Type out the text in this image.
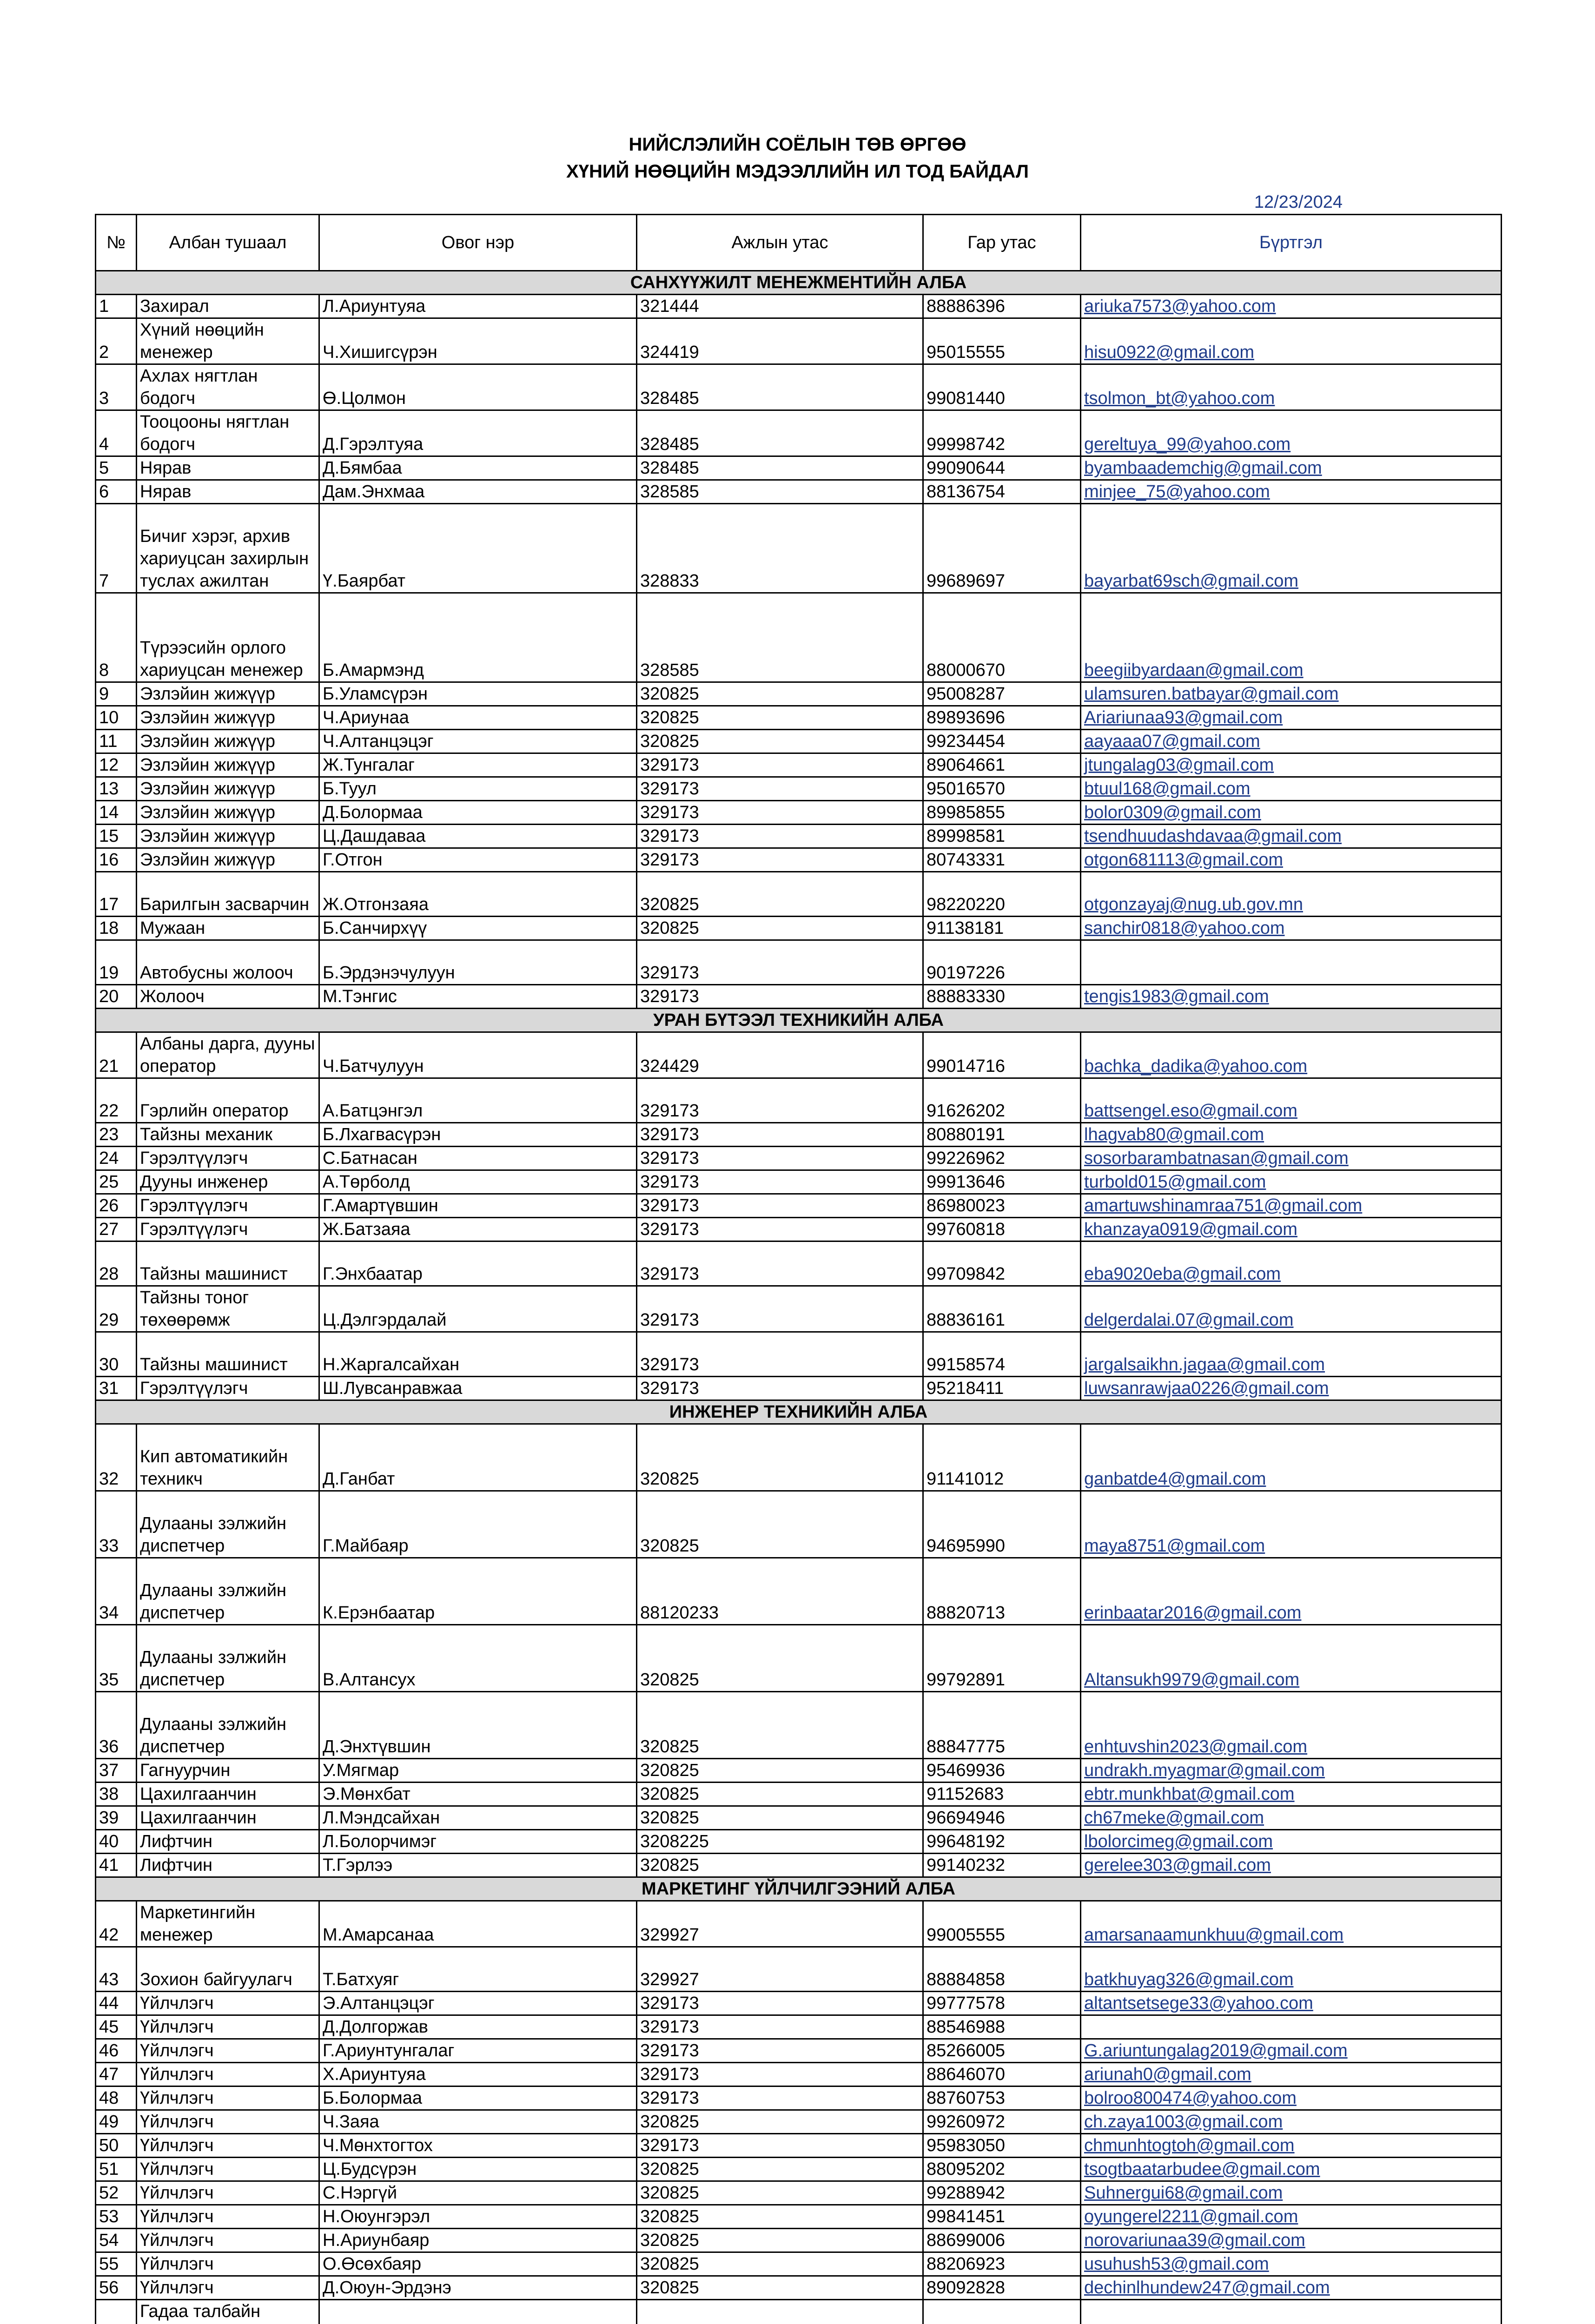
НИЙСЛЭЛИЙН СОЁЛЫН ТӨВ ӨРГӨӨ
ХҮНИЙ НӨӨЦИЙН МЭДЭЭЛЛИЙН ИЛ ТОД БАЙДАЛ
12/23/2024
№	Албан тушаал	Овог нэр	Ажлын утас	Гар утас	Бүртгэл
САНХҮҮЖИЛТ МЕНЕЖМЕНТИЙН АЛБА					
1	Захирал	Л.Ариунтуяа	321444	88886396	ariuka7573@yahoo.com
2	Хүний нөөцийн менежер	Ч.Хишигсүрэн	324419	95015555	hisu0922@gmail.com
3	Ахлах нягтлан бодогч	Ө.Цолмон	328485	99081440	tsolmon_bt@yahoo.com
4	Тооцооны нягтлан бодогч	Д.Гэрэлтуяа	328485	99998742	gereltuya_99@yahoo.com
5	Нярав	Д.Бямбаа	328485	99090644	byambaademchig@gmail.com
6	Нярав	Дам.Энхмаа	328585	88136754	minjee_75@yahoo.com
7	Бичиг хэрэг, архив хариуцсан захирлын туслах ажилтан	Ү.Баярбат	328833	99689697	bayarbat69sch@gmail.com
8	Түрээсийн орлого хариуцсан менежер	Б.Амармэнд	328585	88000670	beegiibyardaan@gmail.com
9	Эзлэйин жижүүр	Б.Уламсүрэн	320825	95008287	ulamsuren.batbayar@gmail.com
10	Эзлэйин жижүүр	Ч.Ариунаа	320825	89893696	Ariariunaa93@gmail.com
11	Эзлэйин жижүүр	Ч.Алтанцэцэг	320825	99234454	aayaaa07@gmail.com
12	Эзлэйин жижүүр	Ж.Тунгалаг	329173	89064661	jtungalag03@gmail.com
13	Эзлэйин жижүүр	Б.Туул	329173	95016570	btuul168@gmail.com
14	Эзлэйин жижүүр	Д.Болормаа	329173	89985855	bolor0309@gmail.com
15	Эзлэйин жижүүр	Ц.Дашдаваа	329173	89998581	tsendhuudashdavaa@gmail.com
16	Эзлэйин жижүүр	Г.Отгон	329173	80743331	otgon681113@gmail.com
17	Барилгын засварчин	Ж.Отгонзаяа	320825	98220220	otgonzayaj@nug.ub.gov.mn
18	Мужаан	Б.Санчирхүү	320825	91138181	sanchir0818@yahoo.com
19	Автобусны жолооч	Б.Эрдэнэчулуун	329173	90197226	
20	Жолооч	М.Тэнгис	329173	88883330	tengis1983@gmail.com
УРАН БҮТЭЭЛ ТЕХНИКИЙН АЛБА					
21	Албаны дарга, дууны оператор	Ч.Батчулуун	324429	99014716	bachka_dadika@yahoo.com
22	Гэрлийн оператор	А.Батцэнгэл	329173	91626202	battsengel.eso@gmail.com
23	Тайзны механик	Б.Лхагвасүрэн	329173	80880191	lhagvab80@gmail.com
24	Гэрэлтүүлэгч	С.Батнасан	329173	99226962	sosorbarambatnasan@gmail.com
25	Дууны инженер	А.Төрболд	329173	99913646	turbold015@gmail.com
26	Гэрэлтүүлэгч	Г.Амартүвшин	329173	86980023	amartuwshinamraa751@gmail.com
27	Гэрэлтүүлэгч	Ж.Батзаяа	329173	99760818	khanzaya0919@gmail.com
28	Тайзны машинист	Г.Энхбаатар	329173	99709842	eba9020eba@gmail.com
29	Тайзны тоног төхөөрөмж	Ц.Дэлгэрдалай	329173	88836161	delgerdalai.07@gmail.com
30	Тайзны машинист	Н.Жаргалсайхан	329173	99158574	jargalsaikhn.jagaa@gmail.com
31	Гэрэлтүүлэгч	Ш.Лувсанравжаа	329173	95218411	luwsanrawjaa0226@gmail.com
ИНЖЕНЕР ТЕХНИКИЙН АЛБА					
32	Кип автоматикийн техникч	Д.Ганбат	320825	91141012	ganbatde4@gmail.com
33	Дулааны зэлжийн диспетчер	Г.Майбаяр	320825	94695990	maya8751@gmail.com
34	Дулааны зэлжийн диспетчер	К.Ерэнбаатар	88120233	88820713	erinbaatar2016@gmail.com
35	Дулааны зэлжийн диспетчер	В.Алтансух	320825	99792891	Altansukh9979@gmail.com
36	Дулааны зэлжийн диспетчер	Д.Энхтүвшин	320825	88847775	enhtuvshin2023@gmail.com
37	Гагнуурчин	У.Мягмар	320825	95469936	undrakh.myagmar@gmail.com
38	Цахилгаанчин	Э.Мөнхбат	320825	91152683	ebtr.munkhbat@gmail.com
39	Цахилгаанчин	Л.Мэндсайхан	320825	96694946	ch67meke@gmail.com
40	Лифтчин	Л.Болорчимэг	3208225	99648192	lbolorcimeg@gmail.com
41	Лифтчин	Т.Гэрлээ	320825	99140232	gerelee303@gmail.com
МАРКЕТИНГ ҮЙЛЧИЛГЭЭНИЙ АЛБА					
42	Маркетингийн менежер	М.Амарсанаа	329927	99005555	amarsanaamunkhuu@gmail.com
43	Зохион байгуулагч	Т.Батхуяг	329927	88884858	batkhuyag326@gmail.com
44	Үйлчлэгч	Э.Алтанцэцэг	329173	99777578	altantsetsege33@yahoo.com
45	Үйлчлэгч	Д.Долгоржав	329173	88546988	
46	Үйлчлэгч	Г.Ариунтунгалаг	329173	85266005	G.ariuntungalag2019@gmail.com
47	Үйлчлэгч	Х.Ариунтуяа	329173	88646070	ariunah0@gmail.com
48	Үйлчлэгч	Б.Болормаа	329173	88760753	bolroo800474@yahoo.com
49	Үйлчлэгч	Ч.Заяа	320825	99260972	ch.zaya1003@gmail.com
50	Үйлчлэгч	Ч.Мөнхтогтох	329173	95983050	chmunhtogtoh@gmail.com
51	Үйлчлэгч	Ц.Будсүрэн	320825	88095202	tsogtbaatarbudee@gmail.com
52	Үйлчлэгч	С.Нэргүй	320825	99288942	Suhnergui68@gmail.com
53	Үйлчлэгч	Н.Оюунгэрэл	320825	99841451	oyungerel2211@gmail.com
54	Үйлчлэгч	Н.Ариунбаяр	320825	88699006	norovariunaa39@gmail.com
55	Үйлчлэгч	О.Өсөхбаяр	320825	88206923	usuhush53@gmail.com
56	Үйлчлэгч	Д.Оюун-Эрдэнэ	320825	89092828	dechinlhundew247@gmail.com
	Гадаа талбайн				
